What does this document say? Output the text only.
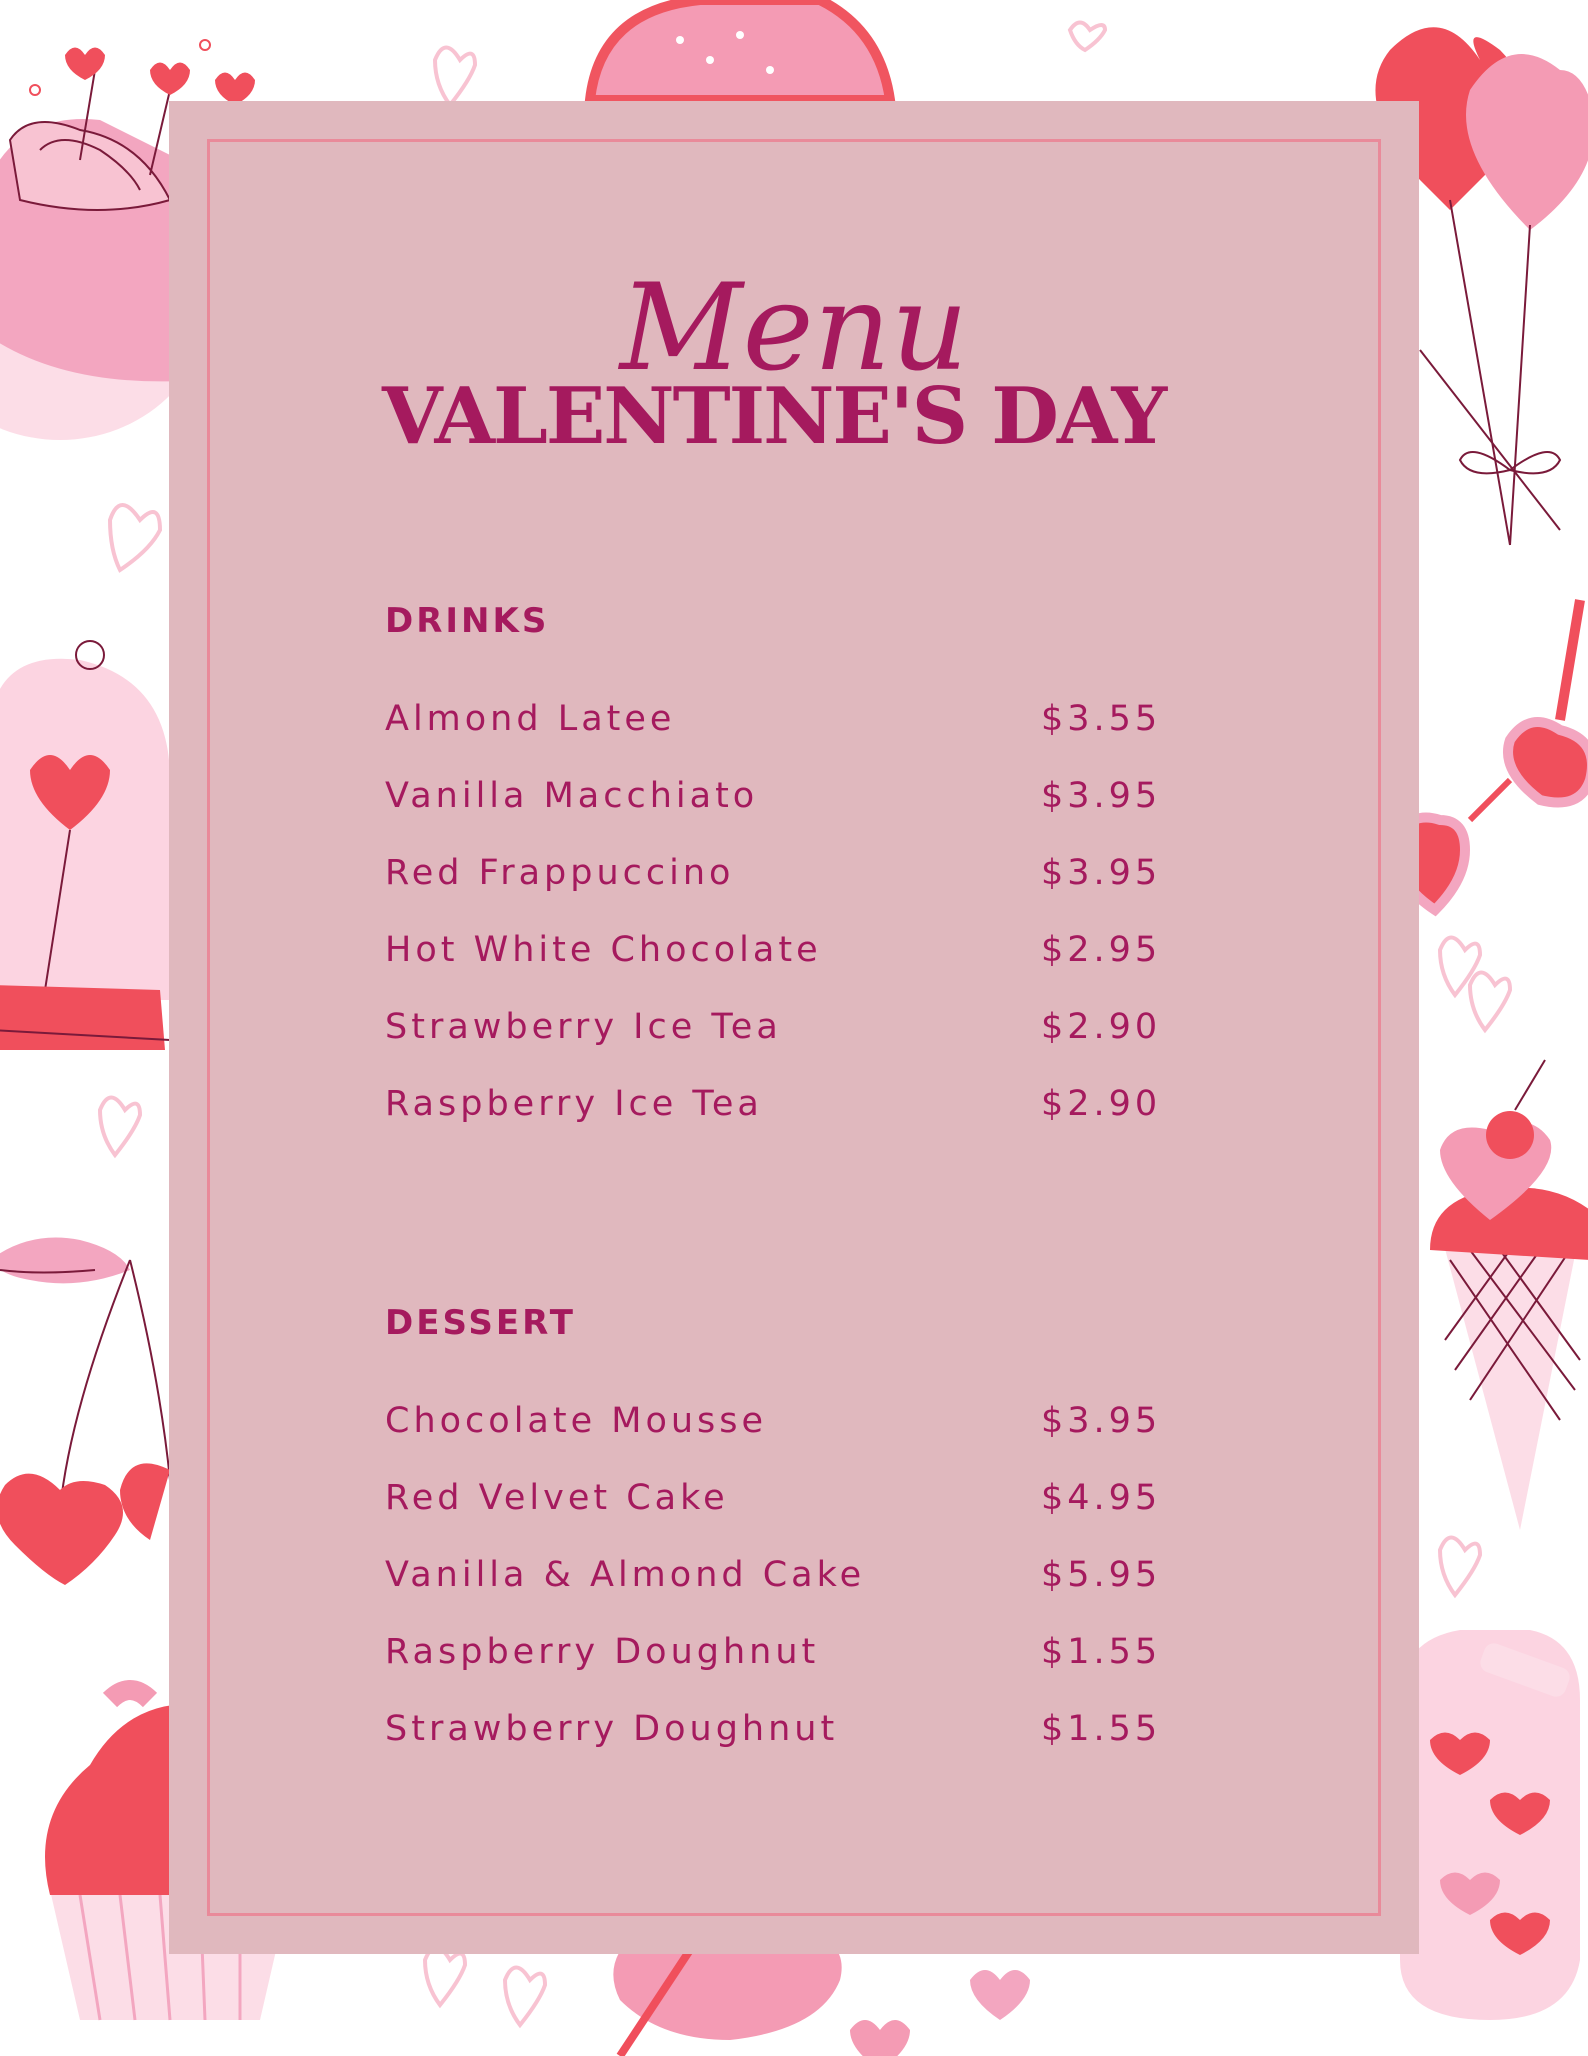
Menu
VALENTINE'S DAY
DRINKS
Almond Latee	$3.55
Vanilla Macchiato	$3.95
Red Frappuccino	$3.95
Hot White Chocolate	$2.95
Strawberry Ice Tea	$2.90
Raspberry Ice Tea	$2.90
DESSERT
Chocolate Mousse	$3.95
Red Velvet Cake	$4.95
Vanilla & Almond Cake	$5.95
Raspberry Doughnut	$1.55
Strawberry Doughnut	$1.55
